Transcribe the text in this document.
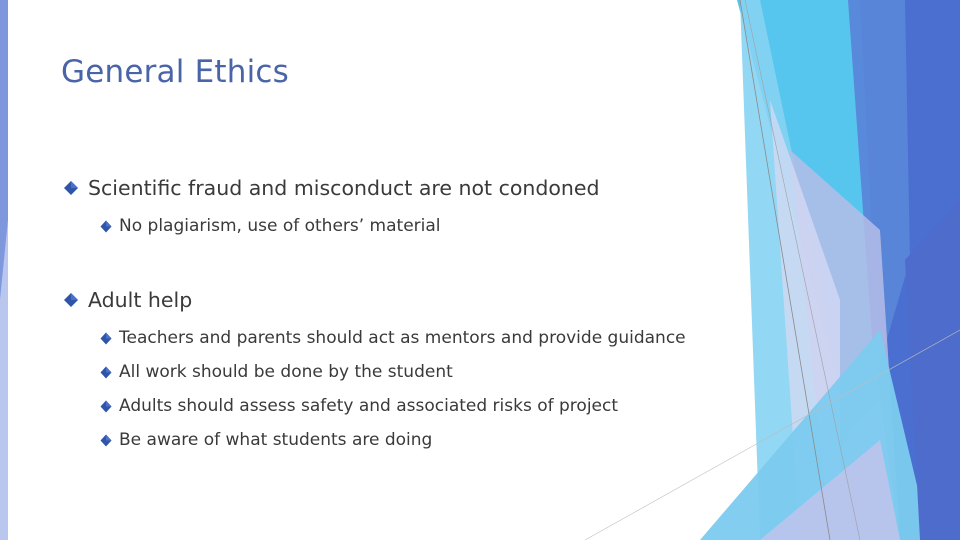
General Ethics
Scientific fraud and misconduct are not condoned
No plagiarism, use of others’ material
Adult help
Teachers and parents should act as mentors and provide guidance
All work should be done by the student
Adults should assess safety and associated risks of project
Be aware of what students are doing
